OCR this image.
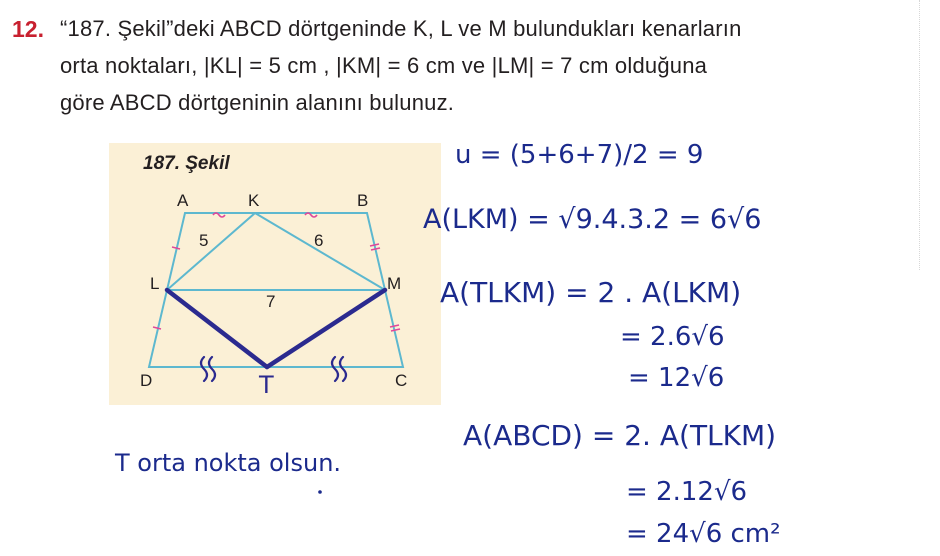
12. “187. Şekil”deki ABCD dörtgeninde K, L ve M bulundukları kenarların

orta noktaları, |KL| = 5 cm , |KM| = 6 cm ve |LM| = 7 cm olduğuna

göre ABCD dörtgeninin alanını bulunuz.

187. Şekil
A	K	B
L	M
D	C
5	6
7
T
u = (5+6+7)/2 = 9
A(LKM) = √9.4.3.2 = 6√6
A(TLKM) = 2 . A(LKM)
= 2.6√6
= 12√6
T orta nokta olsun.
A(ABCD) = 2. A(TLKM)
= 2.12√6
= 24√6 cm²
